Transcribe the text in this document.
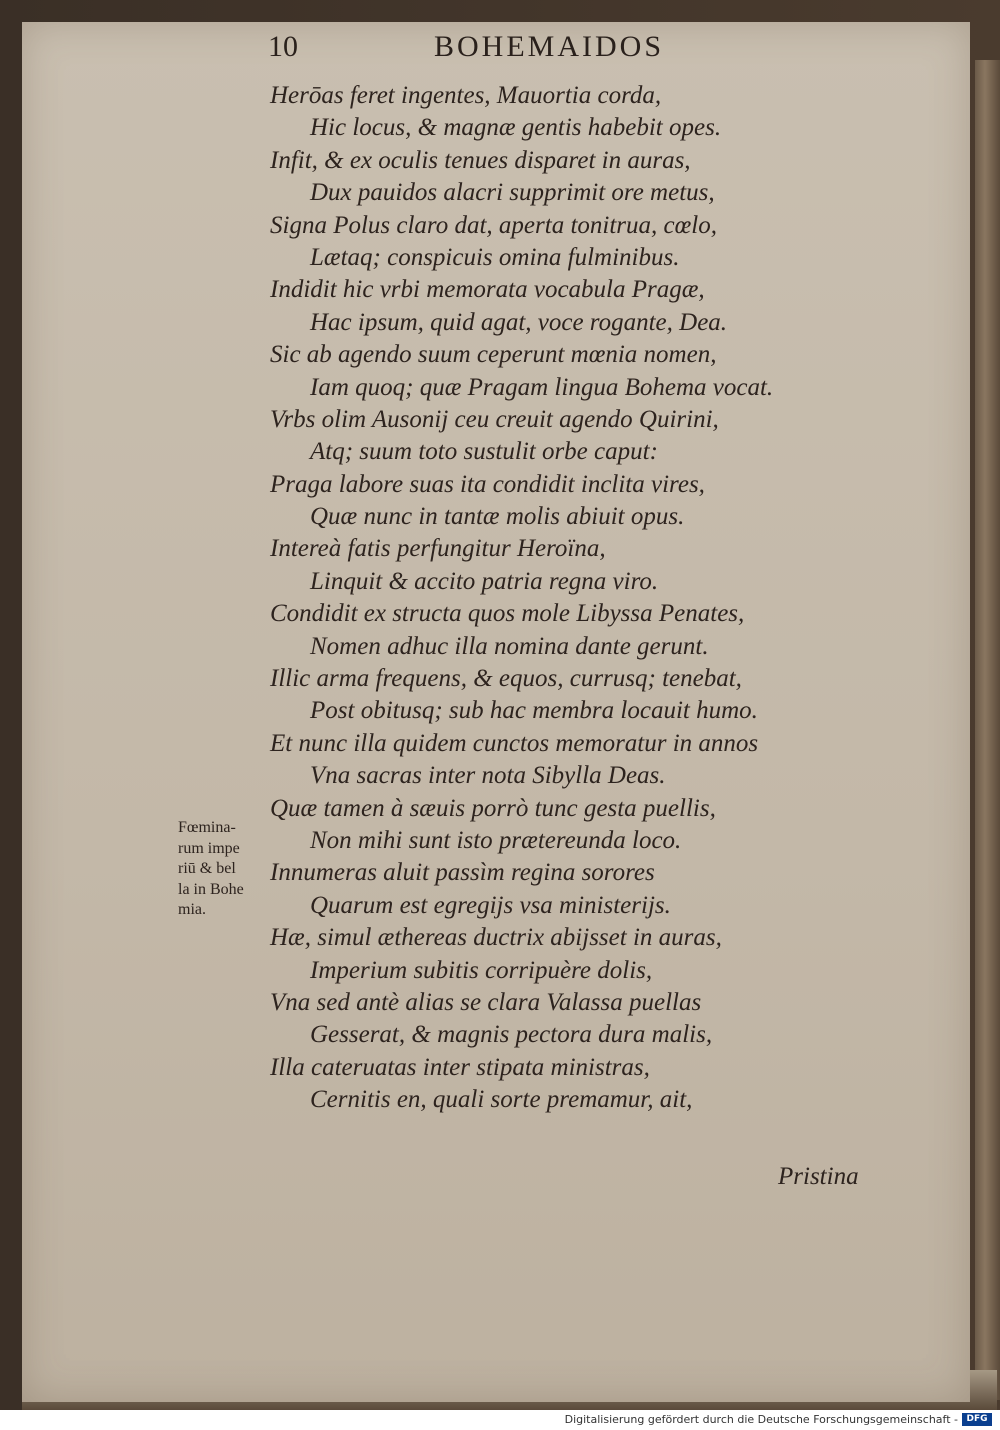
10	BOHEMAIDOS
Herōas feret ingentes, Mauortia corda,
Hic locus, & magnæ gentis habebit opes.
Infit, & ex oculis tenues disparet in auras,
Dux pauidos alacri supprimit ore metus,
Signa Polus claro dat, aperta tonitrua, cœlo,
Lætaq; conspicuis omina fulminibus.
Indidit hic vrbi memorata vocabula Pragæ,
Hac ipsum, quid agat, voce rogante, Dea.
Sic ab agendo suum ceperunt mœnia nomen,
Iam quoq; quæ Pragam lingua Bohema vocat.
Vrbs olim Ausonij ceu creuit agendo Quirini,
Atq; suum toto sustulit orbe caput:
Praga labore suas ita condidit inclita vires,
Quæ nunc in tantæ molis abiuit opus.
Intereà fatis perfungitur Heroïna,
Linquit & accito patria regna viro.
Condidit ex structa quos mole Libyssa Penates,
Nomen adhuc illa nomina dante gerunt.
Illic arma frequens, & equos, currusq; tenebat,
Post obitusq; sub hac membra locauit humo.
Et nunc illa quidem cunctos memoratur in annos
Vna sacras inter nota Sibylla Deas.
Quæ tamen à sæuis porrò tunc gesta puellis,
Non mihi sunt isto prætereunda loco.
Innumeras aluit passìm regina sorores
Quarum est egregijs vsa ministerijs.
Hæ, simul æthereas ductrix abijsset in auras,
Imperium subitis corripuère dolis,
Vna sed antè alias se clara Valassa puellas
Gesserat, & magnis pectora dura malis,
Illa cateruatas inter stipata ministras,
Cernitis en, quali sorte premamur, ait,
Fœmina-
rum impe
riū & bel
la in Bohe
mia.
Pristina
Digitalisierung gefördert durch die Deutsche Forschungsgemeinschaft - DFG
